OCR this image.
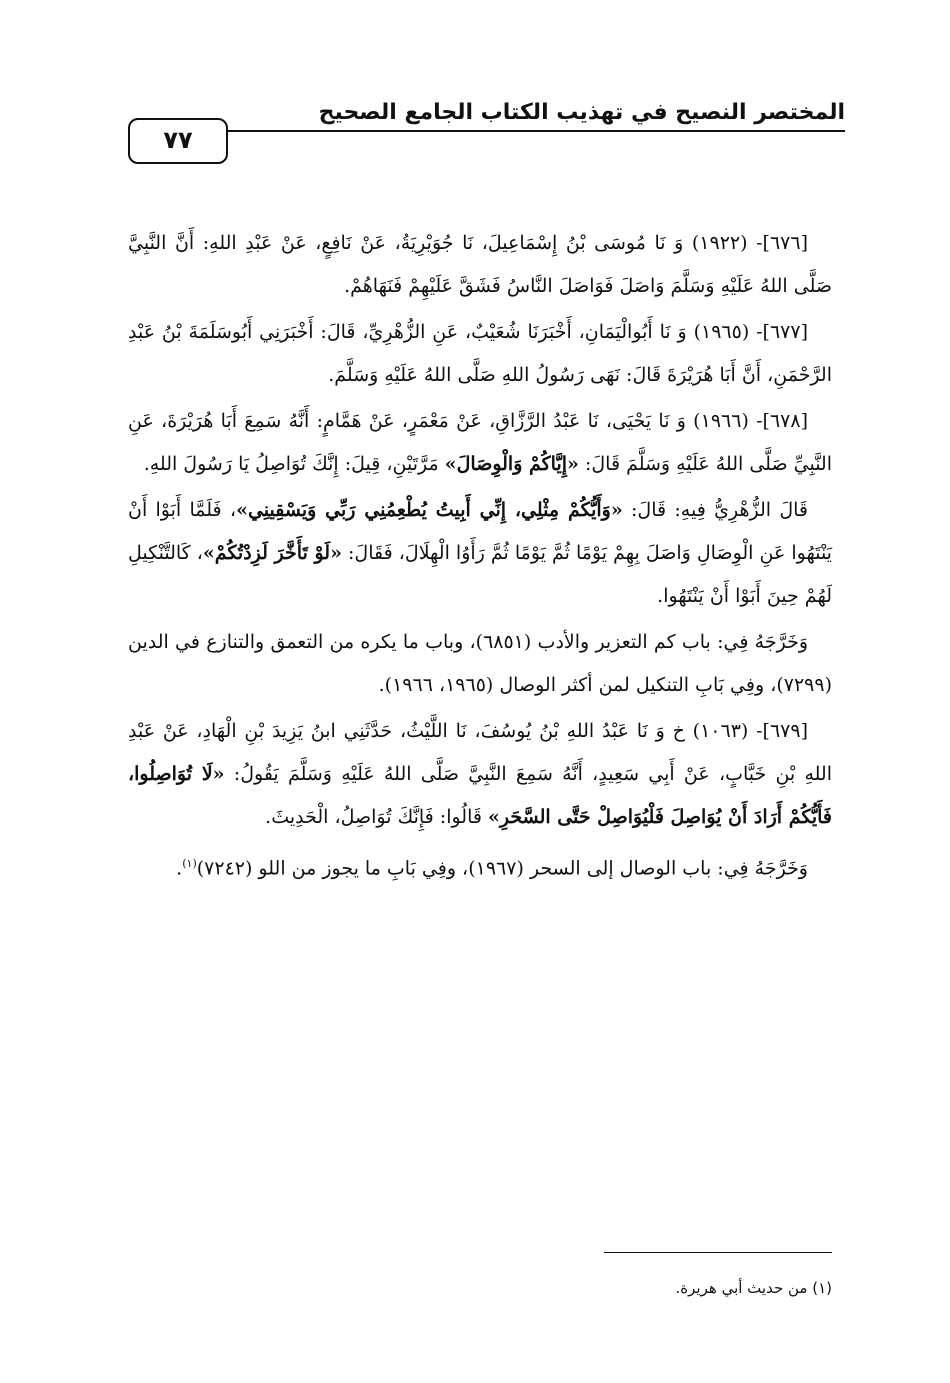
المختصر النصيح في تهذيب الكتاب الجامع الصحيح
٧٧

[٦٧٦]- (١٩٢٢) وَ نَا مُوسَى بْنُ إِسْمَاعِيلَ، نَا جُوَيْرِيَةُ، عَنْ نَافِعٍ، عَنْ عَبْدِ اللهِ: أَنَّ النَّبِيَّ صَلَّى اللهُ عَلَيْهِ وَسَلَّمَ وَاصَلَ فَوَاصَلَ النَّاسُ فَشَقَّ عَلَيْهِمْ فَنَهَاهُمْ.

[٦٧٧]- (١٩٦٥) وَ نَا أَبُوالْيَمَانِ، أَخْبَرَنَا شُعَيْبٌ، عَنِ الزُّهْرِيِّ، قَالَ: أَخْبَرَنِي أَبُوسَلَمَةَ بْنُ عَبْدِ الرَّحْمَنِ، أَنَّ أَبَا هُرَيْرَةَ قَالَ: نَهَى رَسُولُ اللهِ صَلَّى اللهُ عَلَيْهِ وَسَلَّمَ.

[٦٧٨]- (١٩٦٦) وَ نَا يَحْيَى، نَا عَبْدُ الرَّزَّاقِ، عَنْ مَعْمَرٍ، عَنْ هَمَّامٍ: أَنَّهُ سَمِعَ أَبَا هُرَيْرَةَ، عَنِ النَّبِيِّ صَلَّى اللهُ عَلَيْهِ وَسَلَّمَ قَالَ: «إِيَّاكُمْ وَالْوِصَالَ» مَرَّتَيْنِ، قِيلَ: إِنَّكَ تُوَاصِلُ يَا رَسُولَ اللهِ.

قَالَ الزُّهْرِيُّ فِيهِ: قَالَ: «وَأَيُّكُمْ مِثْلِي، إِنِّي أَبِيتُ يُطْعِمُنِي رَبِّي وَيَسْقِينِي»، فَلَمَّا أَبَوْا أَنْ يَنْتَهُوا عَنِ الْوِصَالِ وَاصَلَ بِهِمْ يَوْمًا ثُمَّ يَوْمًا ثُمَّ رَأَوُا الْهِلَالَ، فَقَالَ: «لَوْ تَأَخَّرَ لَزِدْتُكُمْ»، كَالتَّنْكِيلِ لَهُمْ حِينَ أَبَوْا أَنْ يَنْتَهُوا.

وَخَرَّجَهُ فِي: باب كم التعزير والأدب (٦٨٥١)، وباب ما يكره من التعمق والتنازع في الدين (٧٢٩٩)، وفِي بَابِ التنكيل لمن أكثر الوصال (١٩٦٥، ١٩٦٦).

[٦٧٩]- (١٠٦٣) خ وَ نَا عَبْدُ اللهِ بْنُ يُوسُفَ، نَا اللَّيْثُ، حَدَّثَنِي ابنُ يَزِيدَ بْنِ الْهَادِ، عَنْ عَبْدِ اللهِ بْنِ خَبَّابٍ، عَنْ أَبِي سَعِيدٍ، أَنَّهُ سَمِعَ النَّبِيَّ صَلَّى اللهُ عَلَيْهِ وَسَلَّمَ يَقُولُ: «لَا تُوَاصِلُوا، فَأَيُّكُمْ أَرَادَ أَنْ يُوَاصِلَ فَلْيُوَاصِلْ حَتَّى السَّحَرِ» قَالُوا: فَإِنَّكَ تُوَاصِلُ، الْحَدِيثَ.

وَخَرَّجَهُ فِي: باب الوصال إلى السحر (١٩٦٧)، وفِي بَابِ ما يجوز من اللو (٧٢٤٢)$^{(١)}$.

(١) من حديث أبي هريرة.
